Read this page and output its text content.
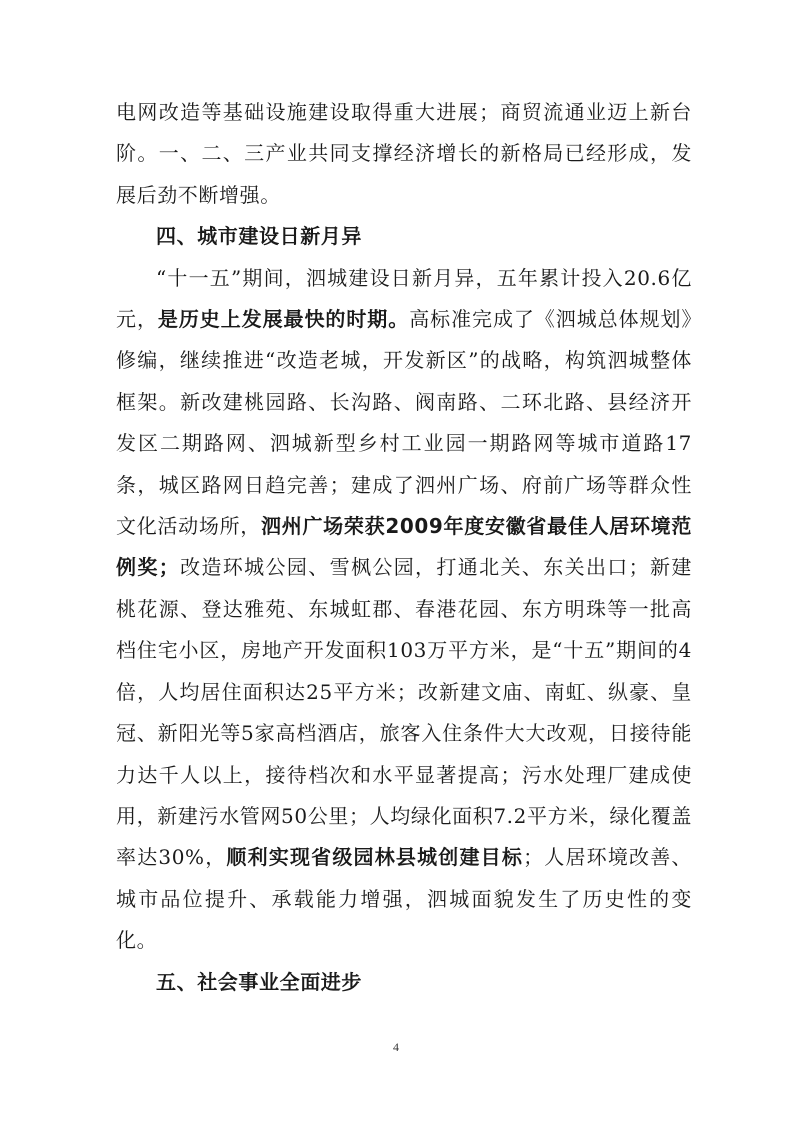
电网改造等基础设施建设取得重大进展；商贸流通业迈上新台阶。一、二、三产业共同支撑经济增长的新格局已经形成，发展后劲不断增强。

四、城市建设日新月异

“十一五”期间，泗城建设日新月异，五年累计投入20.6亿元，是历史上发展最快的时期。高标准完成了《泗城总体规划》修编，继续推进“改造老城，开发新区”的战略，构筑泗城整体框架。新改建桃园路、长沟路、阀南路、二环北路、县经济开发区二期路网、泗城新型乡村工业园一期路网等城市道路17条，城区路网日趋完善；建成了泗州广场、府前广场等群众性文化活动场所，泗州广场荣获2009年度安徽省最佳人居环境范例奖；改造环城公园、雪枫公园，打通北关、东关出口；新建桃花源、登达雅苑、东城虹郡、春港花园、东方明珠等一批高档住宅小区，房地产开发面积103万平方米，是“十五”期间的4倍，人均居住面积达25平方米；改新建文庙、南虹、纵豪、皇冠、新阳光等5家高档酒店，旅客入住条件大大改观，日接待能力达千人以上，接待档次和水平显著提高；污水处理厂建成使用，新建污水管网50公里；人均绿化面积7.2平方米，绿化覆盖率达30%，顺利实现省级园林县城创建目标；人居环境改善、城市品位提升、承载能力增强，泗城面貌发生了历史性的变化。

五、社会事业全面进步

4
